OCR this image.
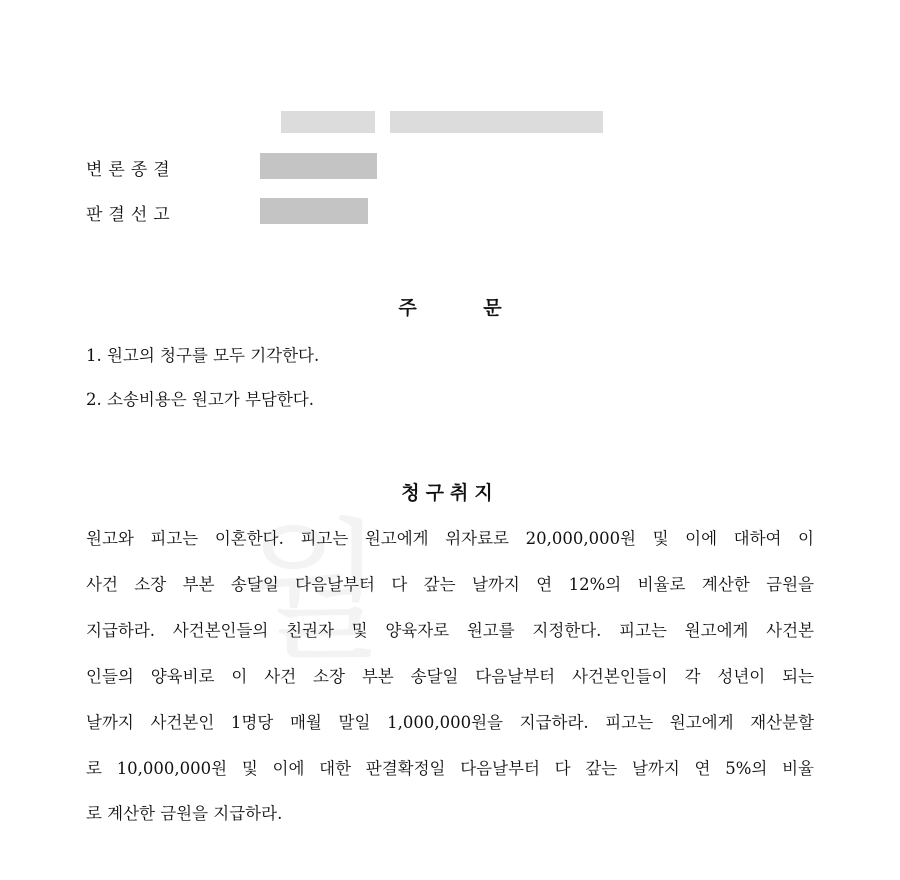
월
변론종결
판결선고
주 문
1. 원고의 청구를 모두 기각한다.
2. 소송비용은 원고가 부담한다.
청구취지
원고와 피고는 이혼한다. 피고는 원고에게 위자료로 20,000,000원 및 이에 대하여 이
사건 소장 부본 송달일 다음날부터 다 갚는 날까지 연 12%의 비율로 계산한 금원을
지급하라. 사건본인들의 친권자 및 양육자로 원고를 지정한다. 피고는 원고에게 사건본
인들의 양육비로 이 사건 소장 부본 송달일 다음날부터 사건본인들이 각 성년이 되는
날까지 사건본인 1명당 매월 말일 1,000,000원을 지급하라. 피고는 원고에게 재산분할
로 10,000,000원 및 이에 대한 판결확정일 다음날부터 다 갚는 날까지 연 5%의 비율
로 계산한 금원을 지급하라.
